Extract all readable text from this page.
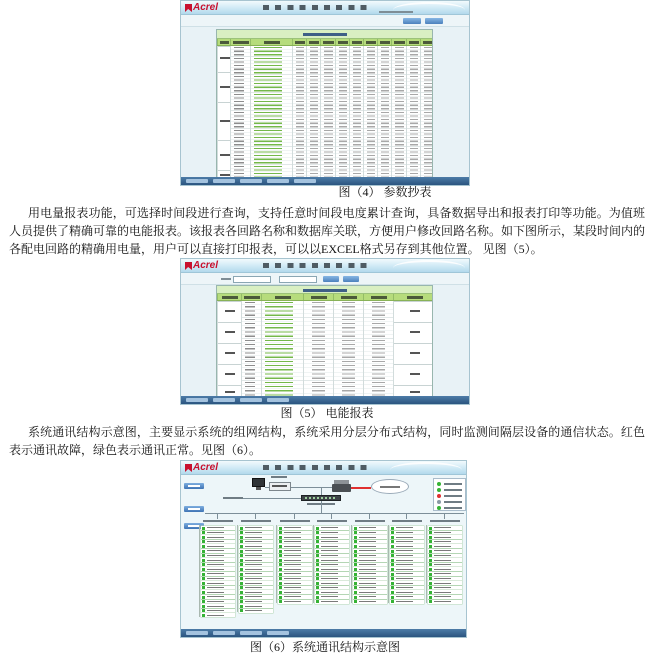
Acrel
图（4） 参数抄表
用电量报表功能，可选择时间段进行查询，支持任意时间段电度累计查询，具备数据导出和报表打印等功能。为值班
人员提供了精确可靠的电能报表。该报表各回路名称和数据库关联，方便用户修改回路名称。如下图所示，某段时间内的
各配电回路的精确用电量，用户可以直接打印报表，可以以EXCEL格式另存到其他位置。 见图（5）。
Acrel
图（5） 电能报表
系统通讯结构示意图，主要显示系统的组网结构，系统采用分层分布式结构，同时监测间隔层设备的通信状态。红色
表示通讯故障，绿色表示通讯正常。见图（6）。
Acrel
图（6）系统通讯结构示意图
